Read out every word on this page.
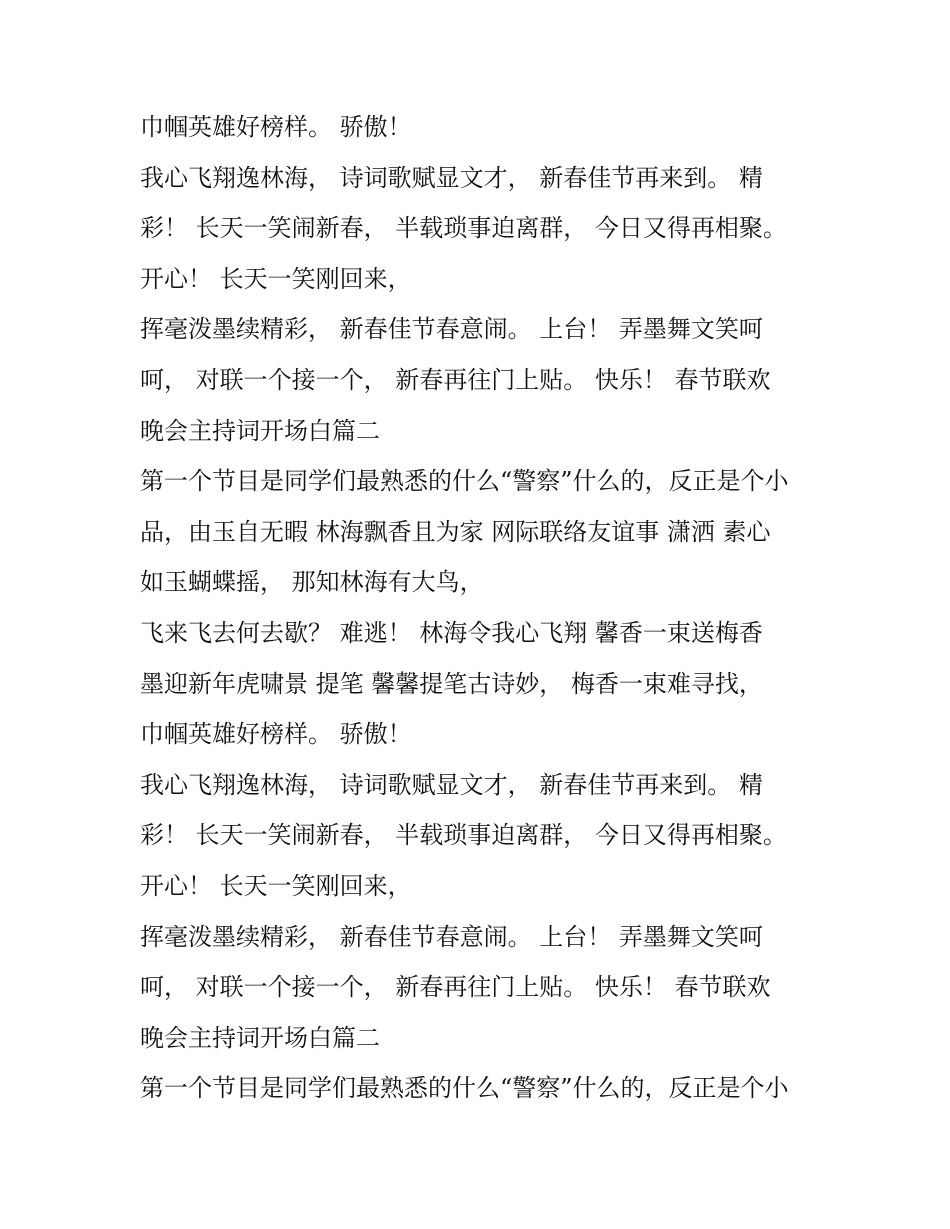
巾帼英雄好榜样。 骄傲！

我心飞翔逸林海， 诗词歌赋显文才， 新春佳节再来到。 精

彩！ 长天一笑闹新春， 半载琐事迫离群， 今日又得再相聚。

开心！ 长天一笑刚回来，

挥毫泼墨续精彩， 新春佳节春意闹。 上台！ 弄墨舞文笑呵

呵， 对联一个接一个， 新春再往门上贴。 快乐！ 春节联欢

晚会主持词开场白篇二

第一个节目是同学们最熟悉的什么“警察”什么的，反正是个小

品，由玉自无暇 林海飘香且为家 网际联络友谊事 潇洒 素心

如玉蝴蝶摇， 那知林海有大鸟，

飞来飞去何去歇？ 难逃！ 林海令我心飞翔 馨香一束送梅香

墨迎新年虎啸景 提笔 馨馨提笔古诗妙， 梅香一束难寻找，

巾帼英雄好榜样。 骄傲！

我心飞翔逸林海， 诗词歌赋显文才， 新春佳节再来到。 精

彩！ 长天一笑闹新春， 半载琐事迫离群， 今日又得再相聚。

开心！ 长天一笑刚回来，

挥毫泼墨续精彩， 新春佳节春意闹。 上台！ 弄墨舞文笑呵

呵， 对联一个接一个， 新春再往门上贴。 快乐！ 春节联欢

晚会主持词开场白篇二

第一个节目是同学们最熟悉的什么“警察”什么的，反正是个小
